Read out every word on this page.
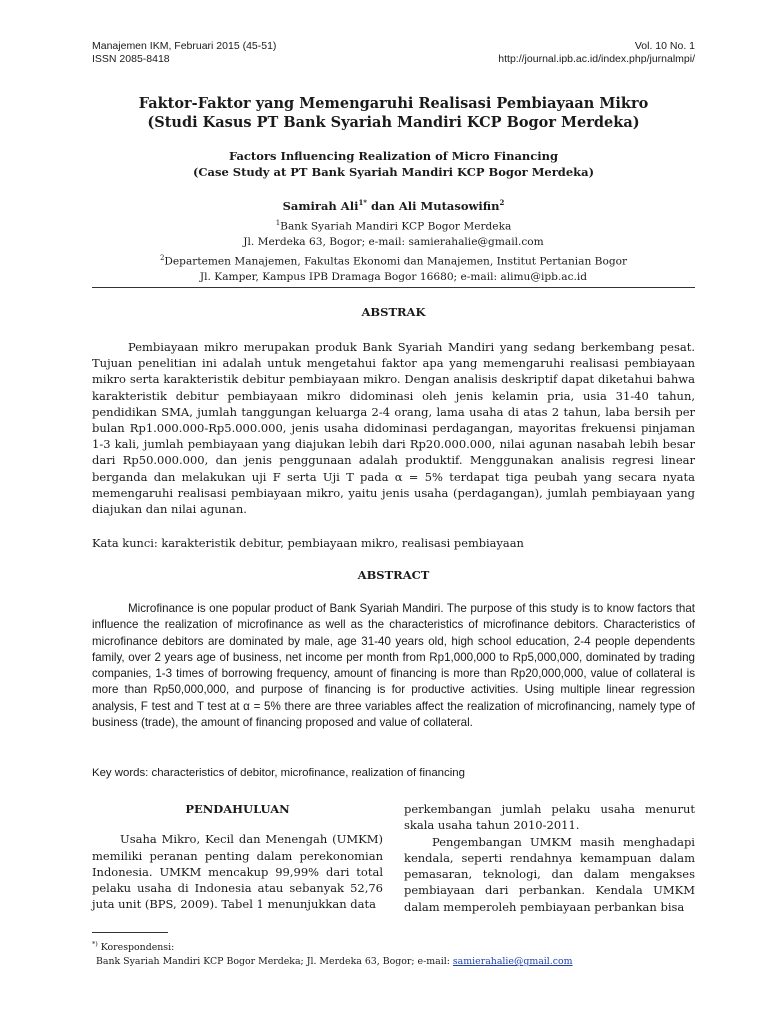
Manajemen IKM, Februari 2015 (45-51)
ISSN 2085-8418
Vol. 10 No. 1
http://journal.ipb.ac.id/index.php/jurnalmpi/
Faktor-Faktor yang Memengaruhi Realisasi Pembiayaan Mikro
(Studi Kasus PT Bank Syariah Mandiri KCP Bogor Merdeka)
Factors Influencing Realization of Micro Financing
(Case Study at PT Bank Syariah Mandiri KCP Bogor Merdeka)
Samirah Ali$^{1*}$ dan Ali Mutasowifin$^2$
$^1$Bank Syariah Mandiri KCP Bogor Merdeka
Jl. Merdeka 63, Bogor; e-mail: samierahalie@gmail.com
$^2$Departemen Manajemen, Fakultas Ekonomi dan Manajemen, Institut Pertanian Bogor
Jl. Kamper, Kampus IPB Dramaga Bogor 16680; e-mail: alimu@ipb.ac.id
ABSTRAK

Pembiayaan mikro merupakan produk Bank Syariah Mandiri yang sedang berkembang pesat. Tujuan penelitian ini adalah untuk mengetahui faktor apa yang memengaruhi realisasi pembiayaan mikro serta karakteristik debitur pembiayaan mikro. Dengan analisis deskriptif dapat diketahui bahwa karakteristik debitur pembiayaan mikro didominasi oleh jenis kelamin pria, usia 31-40 tahun, pendidikan SMA, jumlah tanggungan keluarga 2-4 orang, lama usaha di atas 2 tahun, laba bersih per bulan Rp1.000.000-Rp5.000.000, jenis usaha didominasi perdagangan, mayoritas frekuensi pinjaman 1-3 kali, jumlah pembiayaan yang diajukan lebih dari Rp20.000.000, nilai agunan nasabah lebih besar dari Rp50.000.000, dan jenis penggunaan adalah produktif. Menggunakan analisis regresi linear berganda dan melakukan uji F serta Uji T pada α = 5% terdapat tiga peubah yang secara nyata memengaruhi realisasi pembiayaan mikro, yaitu jenis usaha (perdagangan), jumlah pembiayaan yang diajukan dan nilai agunan.

Kata kunci: karakteristik debitur, pembiayaan mikro, realisasi pembiayaan
ABSTRACT

Microfinance is one popular product of Bank Syariah Mandiri. The purpose of this study is to know factors that influence the realization of microfinance as well as the characteristics of microfinance debitors. Characteristics of microfinance debitors are dominated by male, age 31-40 years old, high school education, 2-4 people dependents family, over 2 years age of business, net income per month from Rp1,000,000 to Rp5,000,000, dominated by trading companies, 1-3 times of borrowing frequency, amount of financing is more than Rp20,000,000, value of collateral is more than Rp50,000,000, and purpose of financing is for productive activities. Using multiple linear regression analysis, F test and T test at α = 5% there are three variables affect the realization of microfinancing, namely type of business (trade), the amount of financing proposed and value of collateral.

Key words: characteristics of debitor, microfinance, realization of financing

PENDAHULUAN

Usaha Mikro, Kecil dan Menengah (UMKM) memiliki peranan penting dalam perekonomian Indonesia. UMKM mencakup 99,99% dari total pelaku usaha di Indonesia atau sebanyak 52,76 juta unit (BPS, 2009). Tabel 1 menunjukkan data

perkembangan jumlah pelaku usaha menurut skala usaha tahun 2010-2011.

Pengembangan UMKM masih menghadapi kendala, seperti rendahnya kemampuan dalam pemasaran, teknologi, dan dalam mengakses pembiayaan dari perbankan. Kendala UMKM dalam memperoleh pembiayaan perbankan bisa

*) Korespondensi:
Bank Syariah Mandiri KCP Bogor Merdeka; Jl. Merdeka 63, Bogor; e-mail: samierahalie@gmail.com
